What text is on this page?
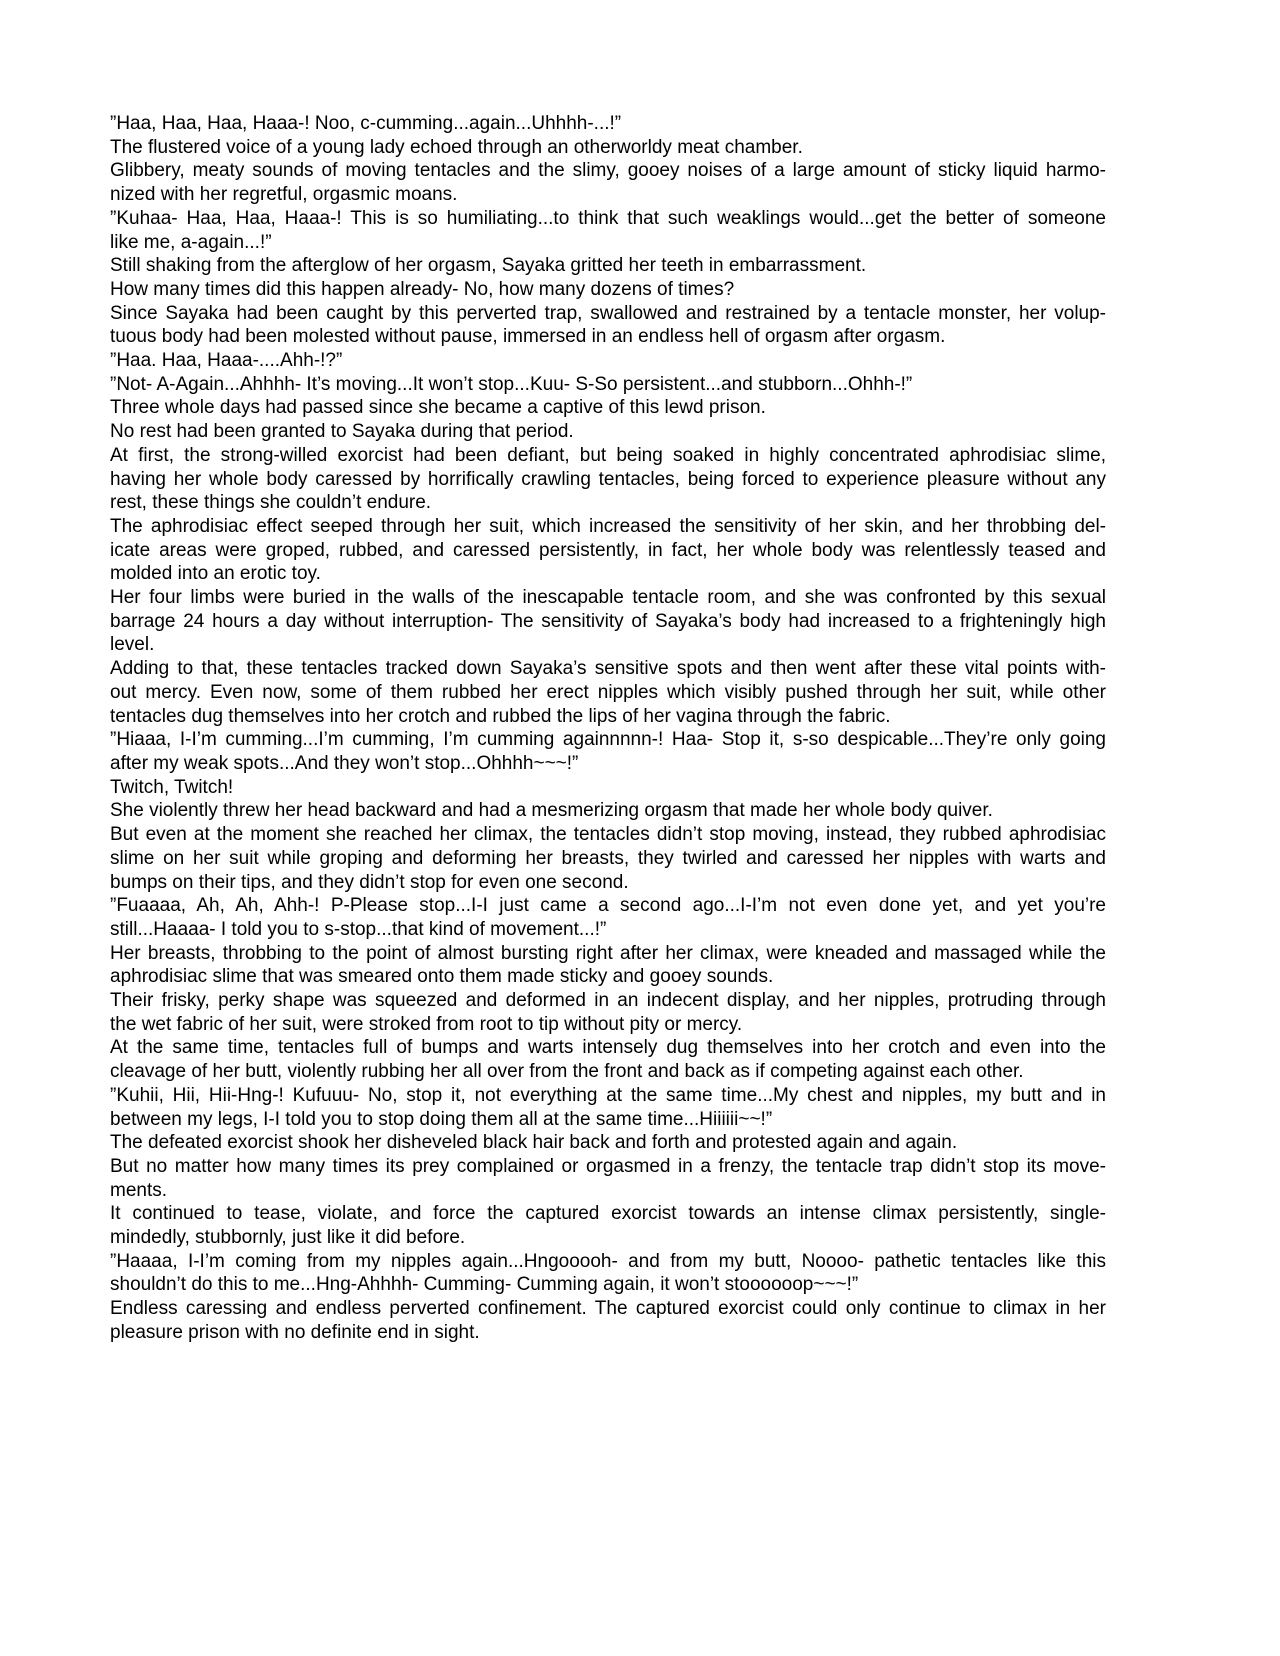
”Haa, Haa, Haa, Haaa-! Noo, c-cumming...again...Uhhhh-...!”
The flustered voice of a young lady echoed through an otherworldy meat chamber.
Glibbery, meaty sounds of moving tentacles and the slimy, gooey noises of a large amount of sticky liquid harmo-
nized with her regretful, orgasmic moans.
”Kuhaa- Haa, Haa, Haaa-! This is so humiliating...to think that such weaklings would...get the better of someone
like me, a-again...!”
Still shaking from the afterglow of her orgasm, Sayaka gritted her teeth in embarrassment.
How many times did this happen already- No, how many dozens of times?
Since Sayaka had been caught by this perverted trap, swallowed and restrained by a tentacle monster, her volup-
tuous body had been molested without pause, immersed in an endless hell of orgasm after orgasm.
”Haa. Haa, Haaa-....Ahh-!?”
”Not- A-Again...Ahhhh- It’s moving...It won’t stop...Kuu- S-So persistent...and stubborn...Ohhh-!”
Three whole days had passed since she became a captive of this lewd prison.
No rest had been granted to Sayaka during that period.
At first, the strong-willed exorcist had been defiant, but being soaked in highly concentrated aphrodisiac slime,
having her whole body caressed by horrifically crawling tentacles, being forced to experience pleasure without any
rest, these things she couldn’t endure.
The aphrodisiac effect seeped through her suit, which increased the sensitivity of her skin, and her throbbing del-
icate areas were groped, rubbed, and caressed persistently, in fact, her whole body was relentlessly teased and
molded into an erotic toy.
Her four limbs were buried in the walls of the inescapable tentacle room, and she was confronted by this sexual
barrage 24 hours a day without interruption- The sensitivity of Sayaka’s body had increased to a frighteningly high
level.
Adding to that, these tentacles tracked down Sayaka’s sensitive spots and then went after these vital points with-
out mercy. Even now, some of them rubbed her erect nipples which visibly pushed through her suit, while other
tentacles dug themselves into her crotch and rubbed the lips of her vagina through the fabric.
”Hiaaa, I-I’m cumming...I’m cumming, I’m cumming againnnnn-! Haa- Stop it, s-so despicable...They’re only going
after my weak spots...And they won’t stop...Ohhhh~~~!”
Twitch, Twitch!
She violently threw her head backward and had a mesmerizing orgasm that made her whole body quiver.
But even at the moment she reached her climax, the tentacles didn’t stop moving, instead, they rubbed aphrodisiac
slime on her suit while groping and deforming her breasts, they twirled and caressed her nipples with warts and
bumps on their tips, and they didn’t stop for even one second.
”Fuaaaa, Ah, Ah, Ahh-! P-Please stop...I-I just came a second ago...I-I’m not even done yet, and yet you’re
still...Haaaa- I told you to s-stop...that kind of movement...!”
Her breasts, throbbing to the point of almost bursting right after her climax, were kneaded and massaged while the
aphrodisiac slime that was smeared onto them made sticky and gooey sounds.
Their frisky, perky shape was squeezed and deformed in an indecent display, and her nipples, protruding through
the wet fabric of her suit, were stroked from root to tip without pity or mercy.
At the same time, tentacles full of bumps and warts intensely dug themselves into her crotch and even into the
cleavage of her butt, violently rubbing her all over from the front and back as if competing against each other.
”Kuhii, Hii, Hii-Hng-! Kufuuu- No, stop it, not everything at the same time...My chest and nipples, my butt and in
between my legs, I-I told you to stop doing them all at the same time...Hiiiiii~~!”
The defeated exorcist shook her disheveled black hair back and forth and protested again and again.
But no matter how many times its prey complained or orgasmed in a frenzy, the tentacle trap didn’t stop its move-
ments.
It continued to tease, violate, and force the captured exorcist towards an intense climax persistently, single-
mindedly, stubbornly, just like it did before.
”Haaaa, I-I’m coming from my nipples again...Hngooooh- and from my butt, Noooo- pathetic tentacles like this
shouldn’t do this to me...Hng-Ahhhh- Cumming- Cumming again, it won’t stoooooop~~~!”
Endless caressing and endless perverted confinement. The captured exorcist could only continue to climax in her
pleasure prison with no definite end in sight.
